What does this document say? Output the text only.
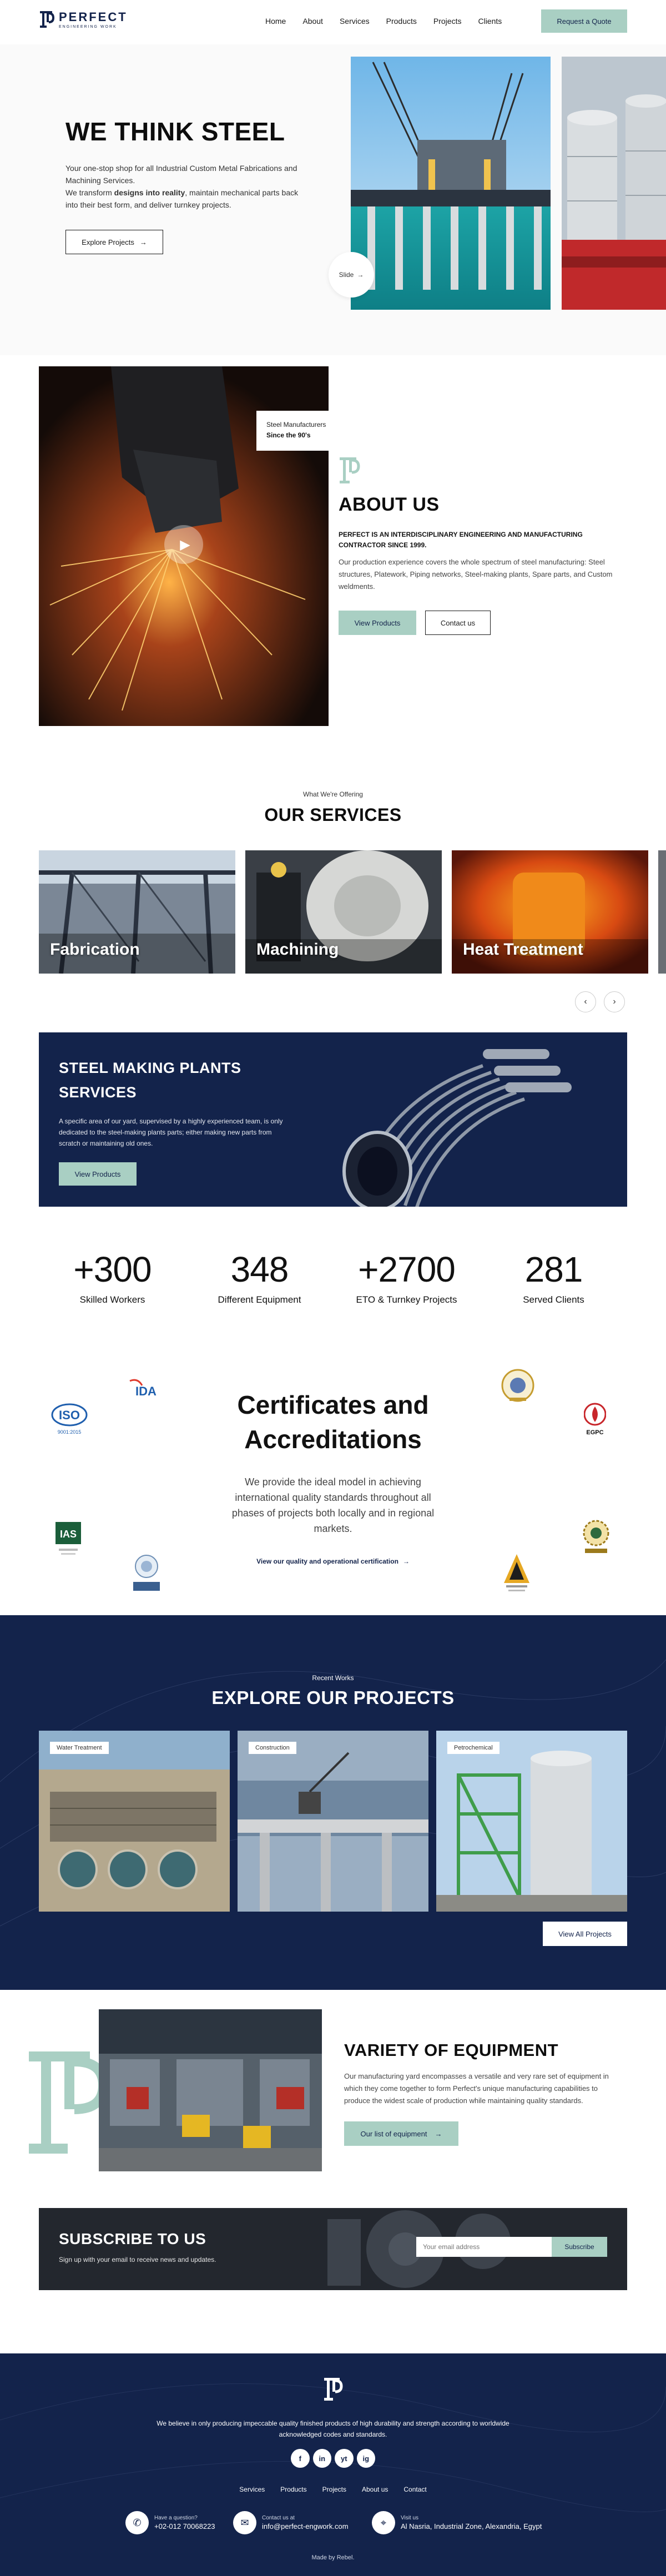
PERFECT
ENGINEERING WORK
Home About Services Products Projects Clients	Request a Quote
WE THINK STEEL
Your one-stop shop for all Industrial Custom Metal Fabrications and Machining Services.
We transform designs into reality, maintain mechanical parts back into their best form, and deliver turnkey projects.
Explore Projects →
Slide →
▶
Steel Manufacturers
Since the 90's
ABOUT US
PERFECT IS AN INTERDISCIPLINARY ENGINEERING AND MANUFACTURING CONTRACTOR SINCE 1999.
Our production experience covers the whole spectrum of steel manufacturing: Steel structures, Platework, Piping networks, Steel-making plants, Spare parts, and Custom weldments.
View Products	Contact us
What We're Offering
OUR SERVICES
Fabrication	Machining	Heat Treatment
‹	›
STEEL MAKING PLANTS
SERVICES
A specific area of our yard, supervised by a highly experienced team, is only dedicated to the steel-making plants parts; either making new parts from scratch or maintaining old ones.
View Products
+300
Skilled Workers
348
Different Equipment
+2700
ETO & Turnkey Projects
281
Served Clients
Certificates and
Accreditations
We provide the ideal model in achieving international quality standards throughout all phases of projects both locally and in regional markets.
View our quality and operational certification →
ISO
9001:2015
IDA
IAS
EGPC
Recent Works
EXPLORE OUR PROJECTS
Water Treatment	Construction	Petrochemical
View All Projects
VARIETY OF EQUIPMENT
Our manufacturing yard encompasses a versatile and very rare set of equipment in which they come together to form Perfect's unique manufacturing capabilities to produce the widest scale of production while maintaining quality standards.
Our list of equipment →
SUBSCRIBE TO US
Sign up with your email to receive news and updates.
Your email address
Subscribe
We believe in only producing impeccable quality finished products of high durability and strength according to worldwide acknowledged codes and standards.
f	in	yt	ig
Services Products Projects About us Contact
✆ Have a question?
+02-012 70068223	✉ Contact us at
info@perfect-engwork.com	⌖	Visit us
Al Nasria, Industrial Zone, Alexandria, Egypt
Made by Rebel.
